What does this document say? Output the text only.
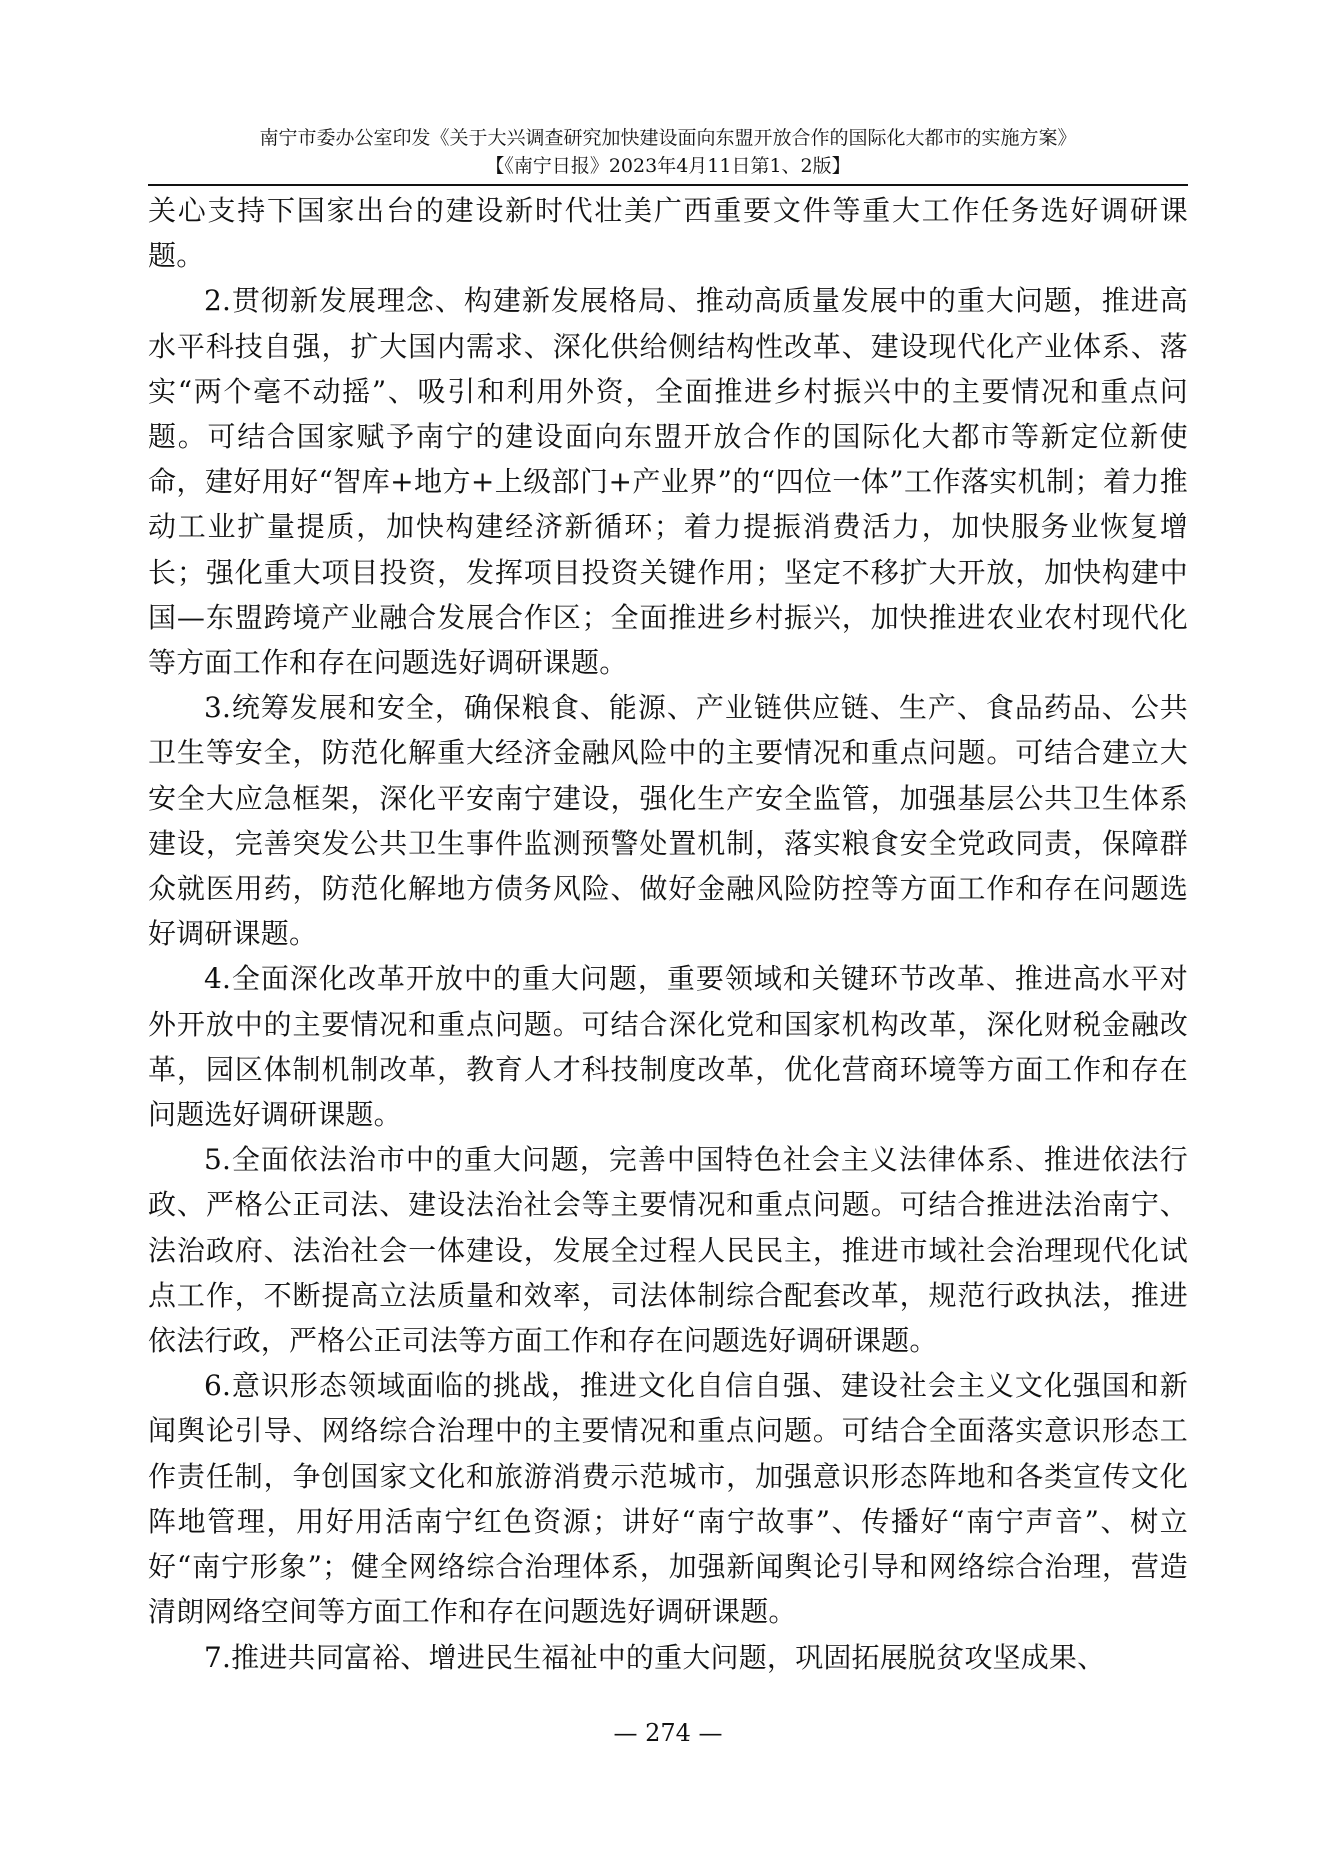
南宁市委办公室印发《关于大兴调查研究加快建设面向东盟开放合作的国际化大都市的实施方案》
【《南宁日报》2023年4月11日第1、2版】

关心支持下国家出台的建设新时代壮美广西重要文件等重大工作任务选好调研课题。

2.贯彻新发展理念、构建新发展格局、推动高质量发展中的重大问题，推进高水平科技自强，扩大国内需求、深化供给侧结构性改革、建设现代化产业体系、落实“两个毫不动摇”、吸引和利用外资，全面推进乡村振兴中的主要情况和重点问题。可结合国家赋予南宁的建设面向东盟开放合作的国际化大都市等新定位新使命，建好用好“智库+地方+上级部门+产业界”的“四位一体”工作落实机制；着力推动工业扩量提质，加快构建经济新循环；着力提振消费活力，加快服务业恢复增长；强化重大项目投资，发挥项目投资关键作用；坚定不移扩大开放，加快构建中国—东盟跨境产业融合发展合作区；全面推进乡村振兴，加快推进农业农村现代化等方面工作和存在问题选好调研课题。

3.统筹发展和安全，确保粮食、能源、产业链供应链、生产、食品药品、公共卫生等安全，防范化解重大经济金融风险中的主要情况和重点问题。可结合建立大安全大应急框架，深化平安南宁建设，强化生产安全监管，加强基层公共卫生体系建设，完善突发公共卫生事件监测预警处置机制，落实粮食安全党政同责，保障群众就医用药，防范化解地方债务风险、做好金融风险防控等方面工作和存在问题选好调研课题。

4.全面深化改革开放中的重大问题，重要领域和关键环节改革、推进高水平对外开放中的主要情况和重点问题。可结合深化党和国家机构改革，深化财税金融改革，园区体制机制改革，教育人才科技制度改革，优化营商环境等方面工作和存在问题选好调研课题。

5.全面依法治市中的重大问题，完善中国特色社会主义法律体系、推进依法行政、严格公正司法、建设法治社会等主要情况和重点问题。可结合推进法治南宁、法治政府、法治社会一体建设，发展全过程人民民主，推进市域社会治理现代化试点工作，不断提高立法质量和效率，司法体制综合配套改革，规范行政执法，推进依法行政，严格公正司法等方面工作和存在问题选好调研课题。

6.意识形态领域面临的挑战，推进文化自信自强、建设社会主义文化强国和新闻舆论引导、网络综合治理中的主要情况和重点问题。可结合全面落实意识形态工作责任制，争创国家文化和旅游消费示范城市，加强意识形态阵地和各类宣传文化阵地管理，用好用活南宁红色资源；讲好“南宁故事”、传播好“南宁声音”、树立好“南宁形象”；健全网络综合治理体系，加强新闻舆论引导和网络综合治理，营造清朗网络空间等方面工作和存在问题选好调研课题。

7.推进共同富裕、增进民生福祉中的重大问题，巩固拓展脱贫攻坚成果、

— 274 —
